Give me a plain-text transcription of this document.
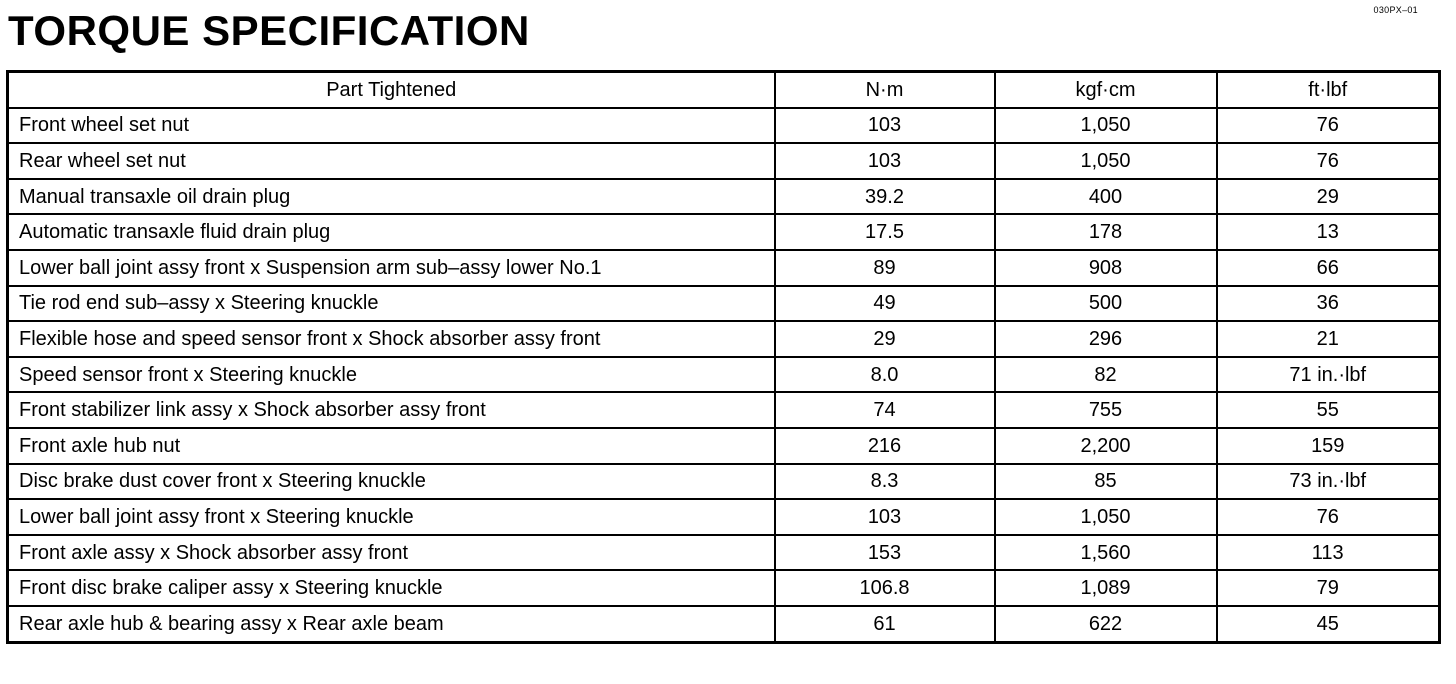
030PX–01
TORQUE SPECIFICATION
Part Tightened	N·m	kgf·cm	ft·lbf
Front wheel set nut	103	1,050	76
Rear wheel set nut	103	1,050	76
Manual transaxle oil drain plug	39.2	400	29
Automatic transaxle fluid drain plug	17.5	178	13
Lower ball joint assy front x Suspension arm sub–assy lower No.1	89	908	66
Tie rod end sub–assy x Steering knuckle	49	500	36
Flexible hose and speed sensor front x Shock absorber assy front	29	296	21
Speed sensor front x Steering knuckle	8.0	82	71 in.·lbf
Front stabilizer link assy x Shock absorber assy front	74	755	55
Front axle hub nut	216	2,200	159
Disc brake dust cover front x Steering knuckle	8.3	85	73 in.·lbf
Lower ball joint assy front x Steering knuckle	103	1,050	76
Front axle assy x Shock absorber assy front	153	1,560	113
Front disc brake caliper assy x Steering knuckle	106.8	1,089	79
Rear axle hub & bearing assy x Rear axle beam	61	622	45
